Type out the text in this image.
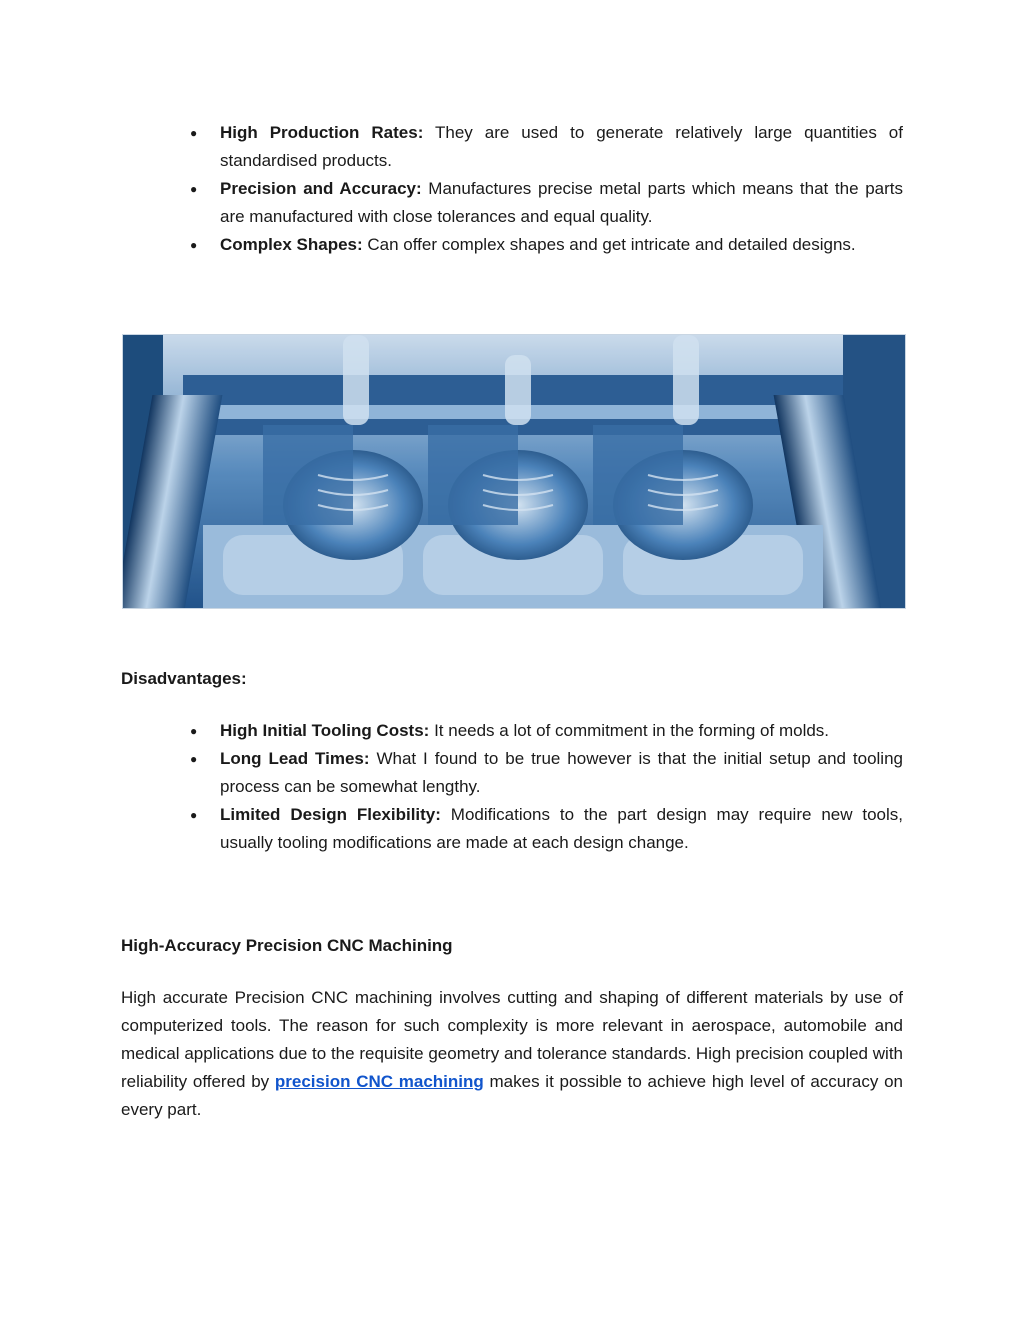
● High Production Rates: They are used to generate relatively large quantities of standardised products.
● Precision and Accuracy: Manufactures precise metal parts which means that the parts are manufactured with close tolerances and equal quality.
● Complex Shapes: Can offer complex shapes and get intricate and detailed designs.
Disadvantages:
● High Initial Tooling Costs: It needs a lot of commitment in the forming of molds.
● Long Lead Times: What I found to be true however is that the initial setup and tooling process can be somewhat lengthy.
● Limited Design Flexibility: Modifications to the part design may require new tools, usually tooling modifications are made at each design change.
High-Accuracy Precision CNC Machining

High accurate Precision CNC machining involves cutting and shaping of different materials by use of computerized tools. The reason for such complexity is more relevant in aerospace, automobile and medical applications due to the requisite geometry and tolerance standards. High precision coupled with reliability offered by precision CNC machining makes it possible to achieve high level of accuracy on every part.
